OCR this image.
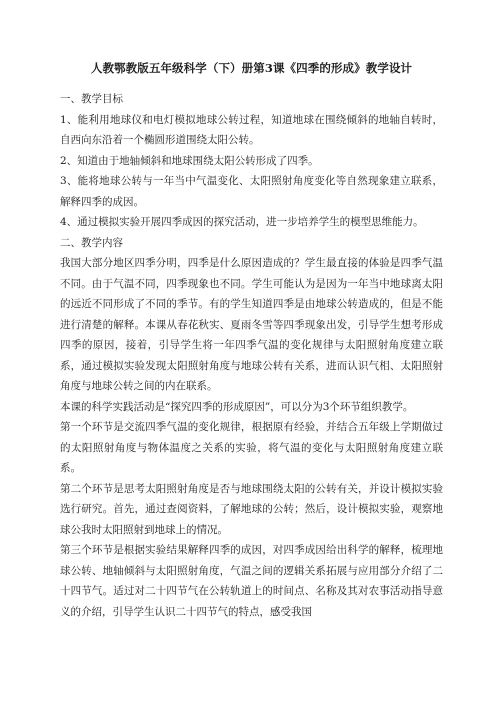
人教鄂教版五年级科学（下）册第3课《四季的形成》教学设计
一、教学目标

1、能利用地球仪和电灯模拟地球公转过程，知道地球在围绕倾斜的地轴自转时，自西向东沿着一个椭圆形道围绕太阳公转。

2、知道由于地轴倾斜和地球围绕太阳公转形成了四季。

3、能将地球公转与一年当中气温变化、太阳照射角度变化等自然现象建立联系，解释四季的成因。

4、通过模拟实验开展四季成因的探究活动，进一步培养学生的模型思维能力。

二、教学内容

我国大部分地区四季分明，四季是什么原因造成的？学生最直接的体验是四季气温不同。由于气温不同，四季现象也不同。学生可能认为是因为一年当中地球离太阳的远近不同形成了不同的季节。有的学生知道四季是由地球公转造成的，但是不能进行清楚的解释。本课从春花秋实、夏雨冬雪等四季现象出发，引导学生想考形成四季的原因，接着，引导学生将一年四季气温的变化规律与太阳照射角度建立联系，通过模拟实验发现太阳照射角度与地球公转有关系，进而认识气相、太阳照射角度与地球公转之间的内在联系。

本课的科学实践活动是“探究四季的形成原因”，可以分为3个环节组织教学。

第一个环节是交流四季气温的变化规律，根据原有经验，并结合五年级上学期做过的太阳照射角度与物体温度之关系的实验，将气温的变化与太阳照射角度建立联系。

第二个环节是思考太阳照射角度是否与地球围绕太阳的公转有关，并设计模拟实验选行研究。首先，通过查阅资料，了解地球的公转；然后，设计模拟实验，观察地球公我时太阳照射到地球上的情况。

第三个环节是根据实验结果解释四季的成因，对四季成因给出科学的解释，梳理地球公转、地轴倾斜与太阳照射角度，气温之间的逻辑关系拓展与应用部分介绍了二十四节气。适过对二十四节气在公转轨道上的时间点、名称及其对农事活动指导意义的介绍，引导学生认识二十四节气的特点，感受我国
